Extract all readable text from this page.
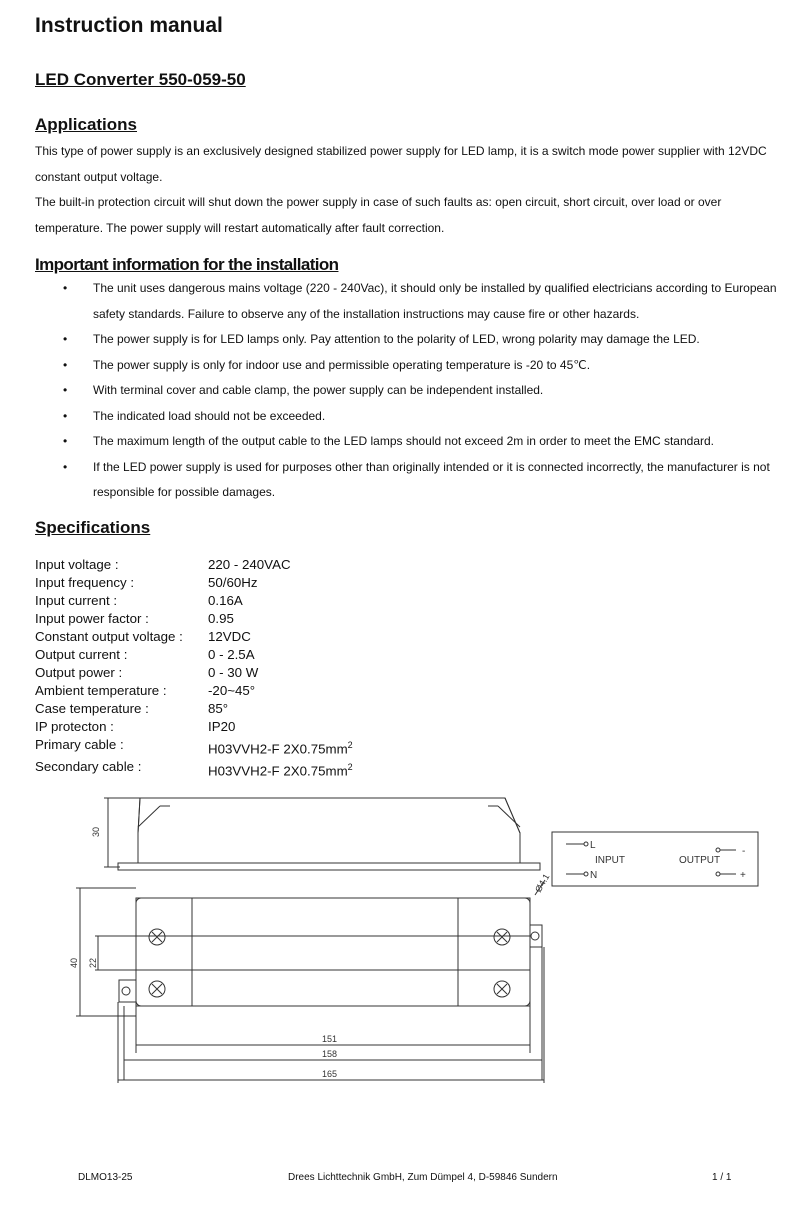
Instruction manual
LED Converter 550-059-50
Applications

This type of power supply is an exclusively designed stabilized power supply for LED lamp, it is a switch mode power supplier with 12VDC constant output voltage.

The built-in protection circuit will shut down the power supply in case of such faults as: open circuit, short circuit, over load or over temperature. The power supply will restart automatically after fault correction.

Important information for the installation
• The unit uses dangerous mains voltage (220 - 240Vac), it should only be installed by qualified electricians according to European safety standards. Failure to observe any of the installation instructions may cause fire or other hazards.
• The power supply is for LED lamps only. Pay attention to the polarity of LED, wrong polarity may damage the LED.
• The power supply is only for indoor use and permissible operating temperature is -20 to 45℃.
• With terminal cover and cable clamp, the power supply can be independent installed.
• The indicated load should not be exceeded.
• The maximum length of the output cable to the LED lamps should not exceed 2m in order to meet the EMC standard.
• If the LED power supply is used for purposes other than originally intended or it is connected incorrectly, the manufacturer is not responsible for possible damages.
Specifications
Input voltage :	220 - 240VAC
Input frequency :	50/60Hz
Input current :	0.16A
Input power factor :	0.95
Constant output voltage :	12VDC
Output current :	0 - 2.5A
Output power :	0 - 30 W
Ambient temperature :	-20~45°
Case temperature :	85°
IP protecton :	IP20
Primary cable :	H03VVH2-F $2X0.75mm^2$
Secondary cable :	H03VVH2-F $2X0.75mm^2$
30
L
N
INPUT	OUTPUT
-
+
Ø4.1
40 22
151
158
165
DLMO13-25	Drees Lichttechnik GmbH, Zum Dümpel 4, D-59846 Sundern	1 / 1
